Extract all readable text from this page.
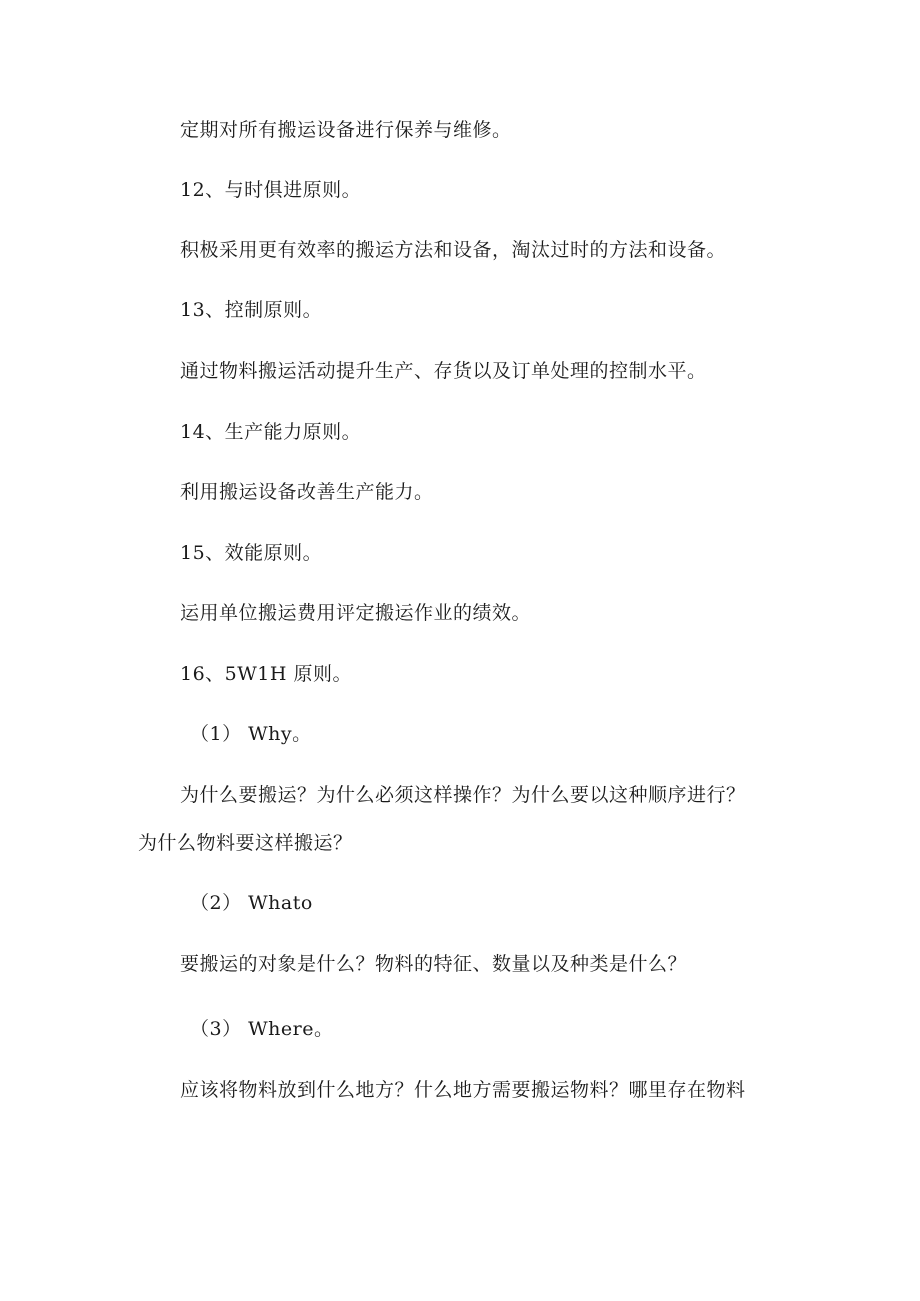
定期对所有搬运设备进行保养与维修。

12、与时俱进原则。

积极采用更有效率的搬运方法和设备，淘汰过时的方法和设备。

13、控制原则。

通过物料搬运活动提升生产、存货以及订单处理的控制水平。

14、生产能力原则。

利用搬运设备改善生产能力。

15、效能原则。

运用单位搬运费用评定搬运作业的绩效。

16、5W1H 原则。

（1） Why。

为什么要搬运？为什么必须这样操作？为什么要以这种顺序进行？

为什么物料要这样搬运？

（2） Whato

要搬运的对象是什么？物料的特征、数量以及种类是什么？

（3） Where。

应该将物料放到什么地方？什么地方需要搬运物料？哪里存在物料
